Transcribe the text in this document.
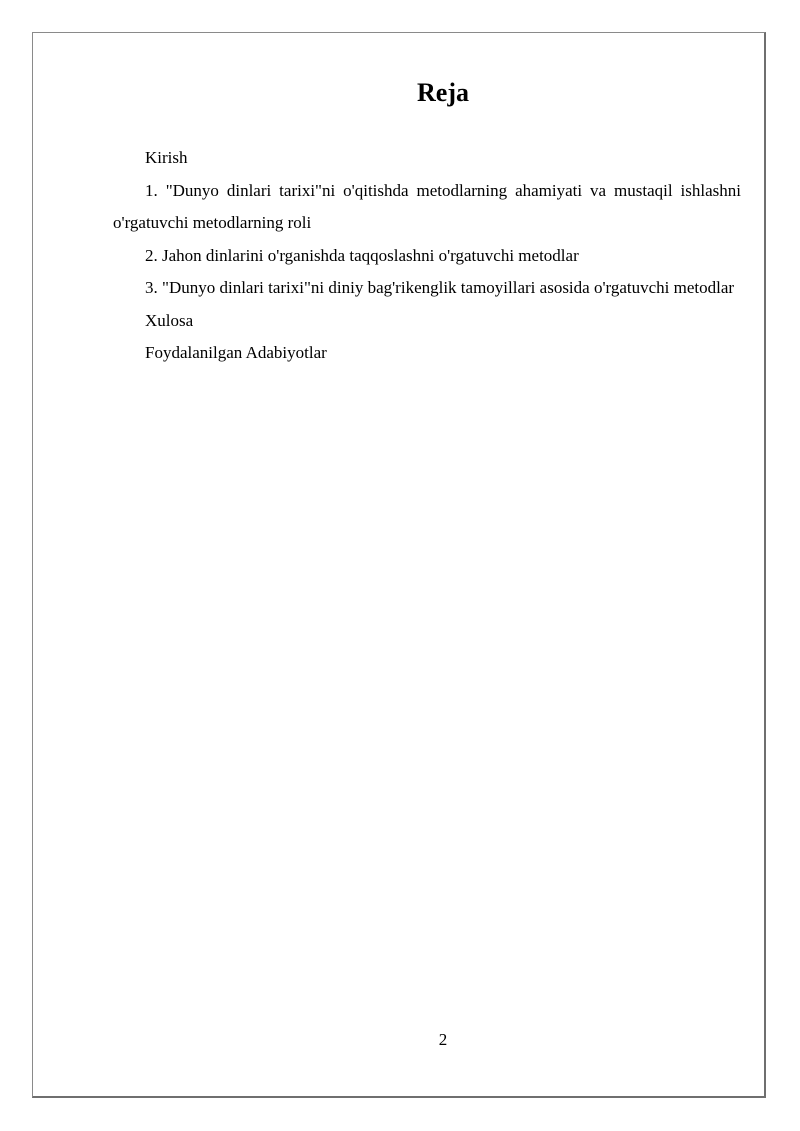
Reja

Kirish

1. "Dunyo dinlari tarixi"ni o'qitishda metodlarning ahamiyati va mustaqil ishlashni o'rgatuvchi metodlarning roli

2. Jahon dinlarini o'rganishda taqqoslashni o'rgatuvchi metodlar

3. "Dunyo dinlari tarixi"ni diniy bag'rikenglik tamoyillari asosida o'rgatuvchi metodlar

Xulosa

Foydalanilgan Adabiyotlar

2
